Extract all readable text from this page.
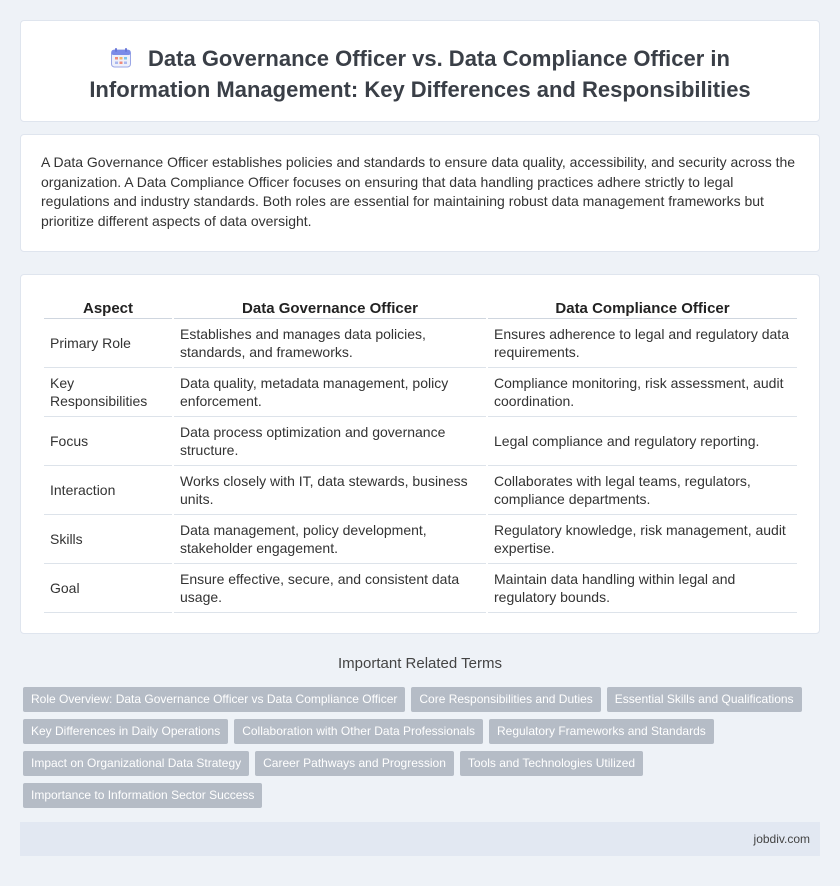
Data Governance Officer vs. Data Compliance Officer in
Information Management: Key Differences and Responsibilities

A Data Governance Officer establishes policies and standards to ensure data quality, accessibility, and security across the organization. A Data Compliance Officer focuses on ensuring that data handling practices adhere strictly to legal regulations and industry standards. Both roles are essential for maintaining robust data management frameworks but prioritize different aspects of data oversight.

Aspect	Data Governance Officer	Data Compliance Officer
Primary Role	Establishes and manages data policies, standards, and frameworks.	Ensures adherence to legal and regulatory data requirements.
Key Responsibilities	Data quality, metadata management, policy enforcement.	Compliance monitoring, risk assessment, audit coordination.
Focus	Data process optimization and governance structure.	Legal compliance and regulatory reporting.
Interaction	Works closely with IT, data stewards, business units.	Collaborates with legal teams, regulators, compliance departments.
Skills	Data management, policy development, stakeholder engagement.	Regulatory knowledge, risk management, audit expertise.
Goal	Ensure effective, secure, and consistent data usage.	Maintain data handling within legal and regulatory bounds.
Important Related Terms
Role Overview: Data Governance Officer vs Data Compliance Officer Core Responsibilities and Duties Essential Skills and Qualifications
Key Differences in Daily Operations Collaboration with Other Data Professionals Regulatory Frameworks and Standards
Impact on Organizational Data Strategy Career Pathways and Progression Tools and Technologies Utilized
Importance to Information Sector Success
jobdiv.com
